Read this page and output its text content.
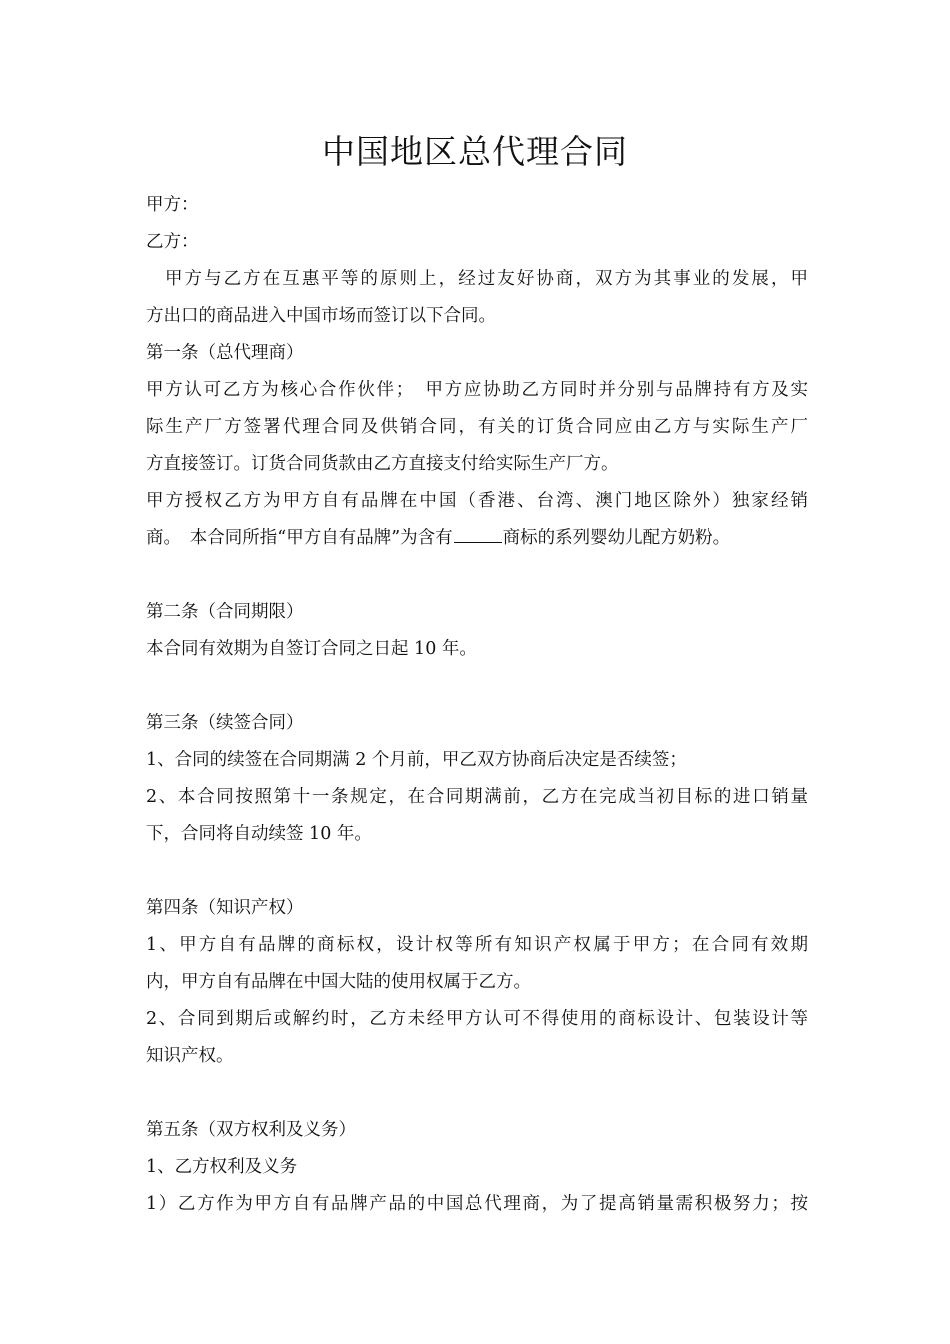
中国地区总代理合同
甲方：
乙方：
甲方与乙方在互惠平等的原则上，经过友好协商，双方为其事业的发展，甲
方出口的商品进入中国市场而签订以下合同。
第一条（总代理商）
甲方认可乙方为核心合作伙伴；　甲方应协助乙方同时并分别与品牌持有方及实
际生产厂方签署代理合同及供销合同，有关的订货合同应由乙方与实际生产厂
方直接签订。订货合同货款由乙方直接支付给实际生产厂方。
甲方授权乙方为甲方自有品牌在中国（香港、台湾、澳门地区除外）独家经销
商。　本合同所指“甲方自有品牌”为含有	商标的系列婴幼儿配方奶粉。
第二条（合同期限）
本合同有效期为自签订合同之日起 10 年。
第三条（续签合同）
1、合同的续签在合同期满 2 个月前，甲乙双方协商后决定是否续签；
2、本合同按照第十一条规定，在合同期满前，乙方在完成当初目标的进口销量
下，合同将自动续签 10 年。
第四条（知识产权）
1、甲方自有品牌的商标权，设计权等所有知识产权属于甲方；在合同有效期
内，甲方自有品牌在中国大陆的使用权属于乙方。
2、合同到期后或解约时，乙方未经甲方认可不得使用的商标设计、包装设计等
知识产权。
第五条（双方权利及义务）
1、乙方权利及义务
1）乙方作为甲方自有品牌产品的中国总代理商，为了提高销量需积极努力；按
